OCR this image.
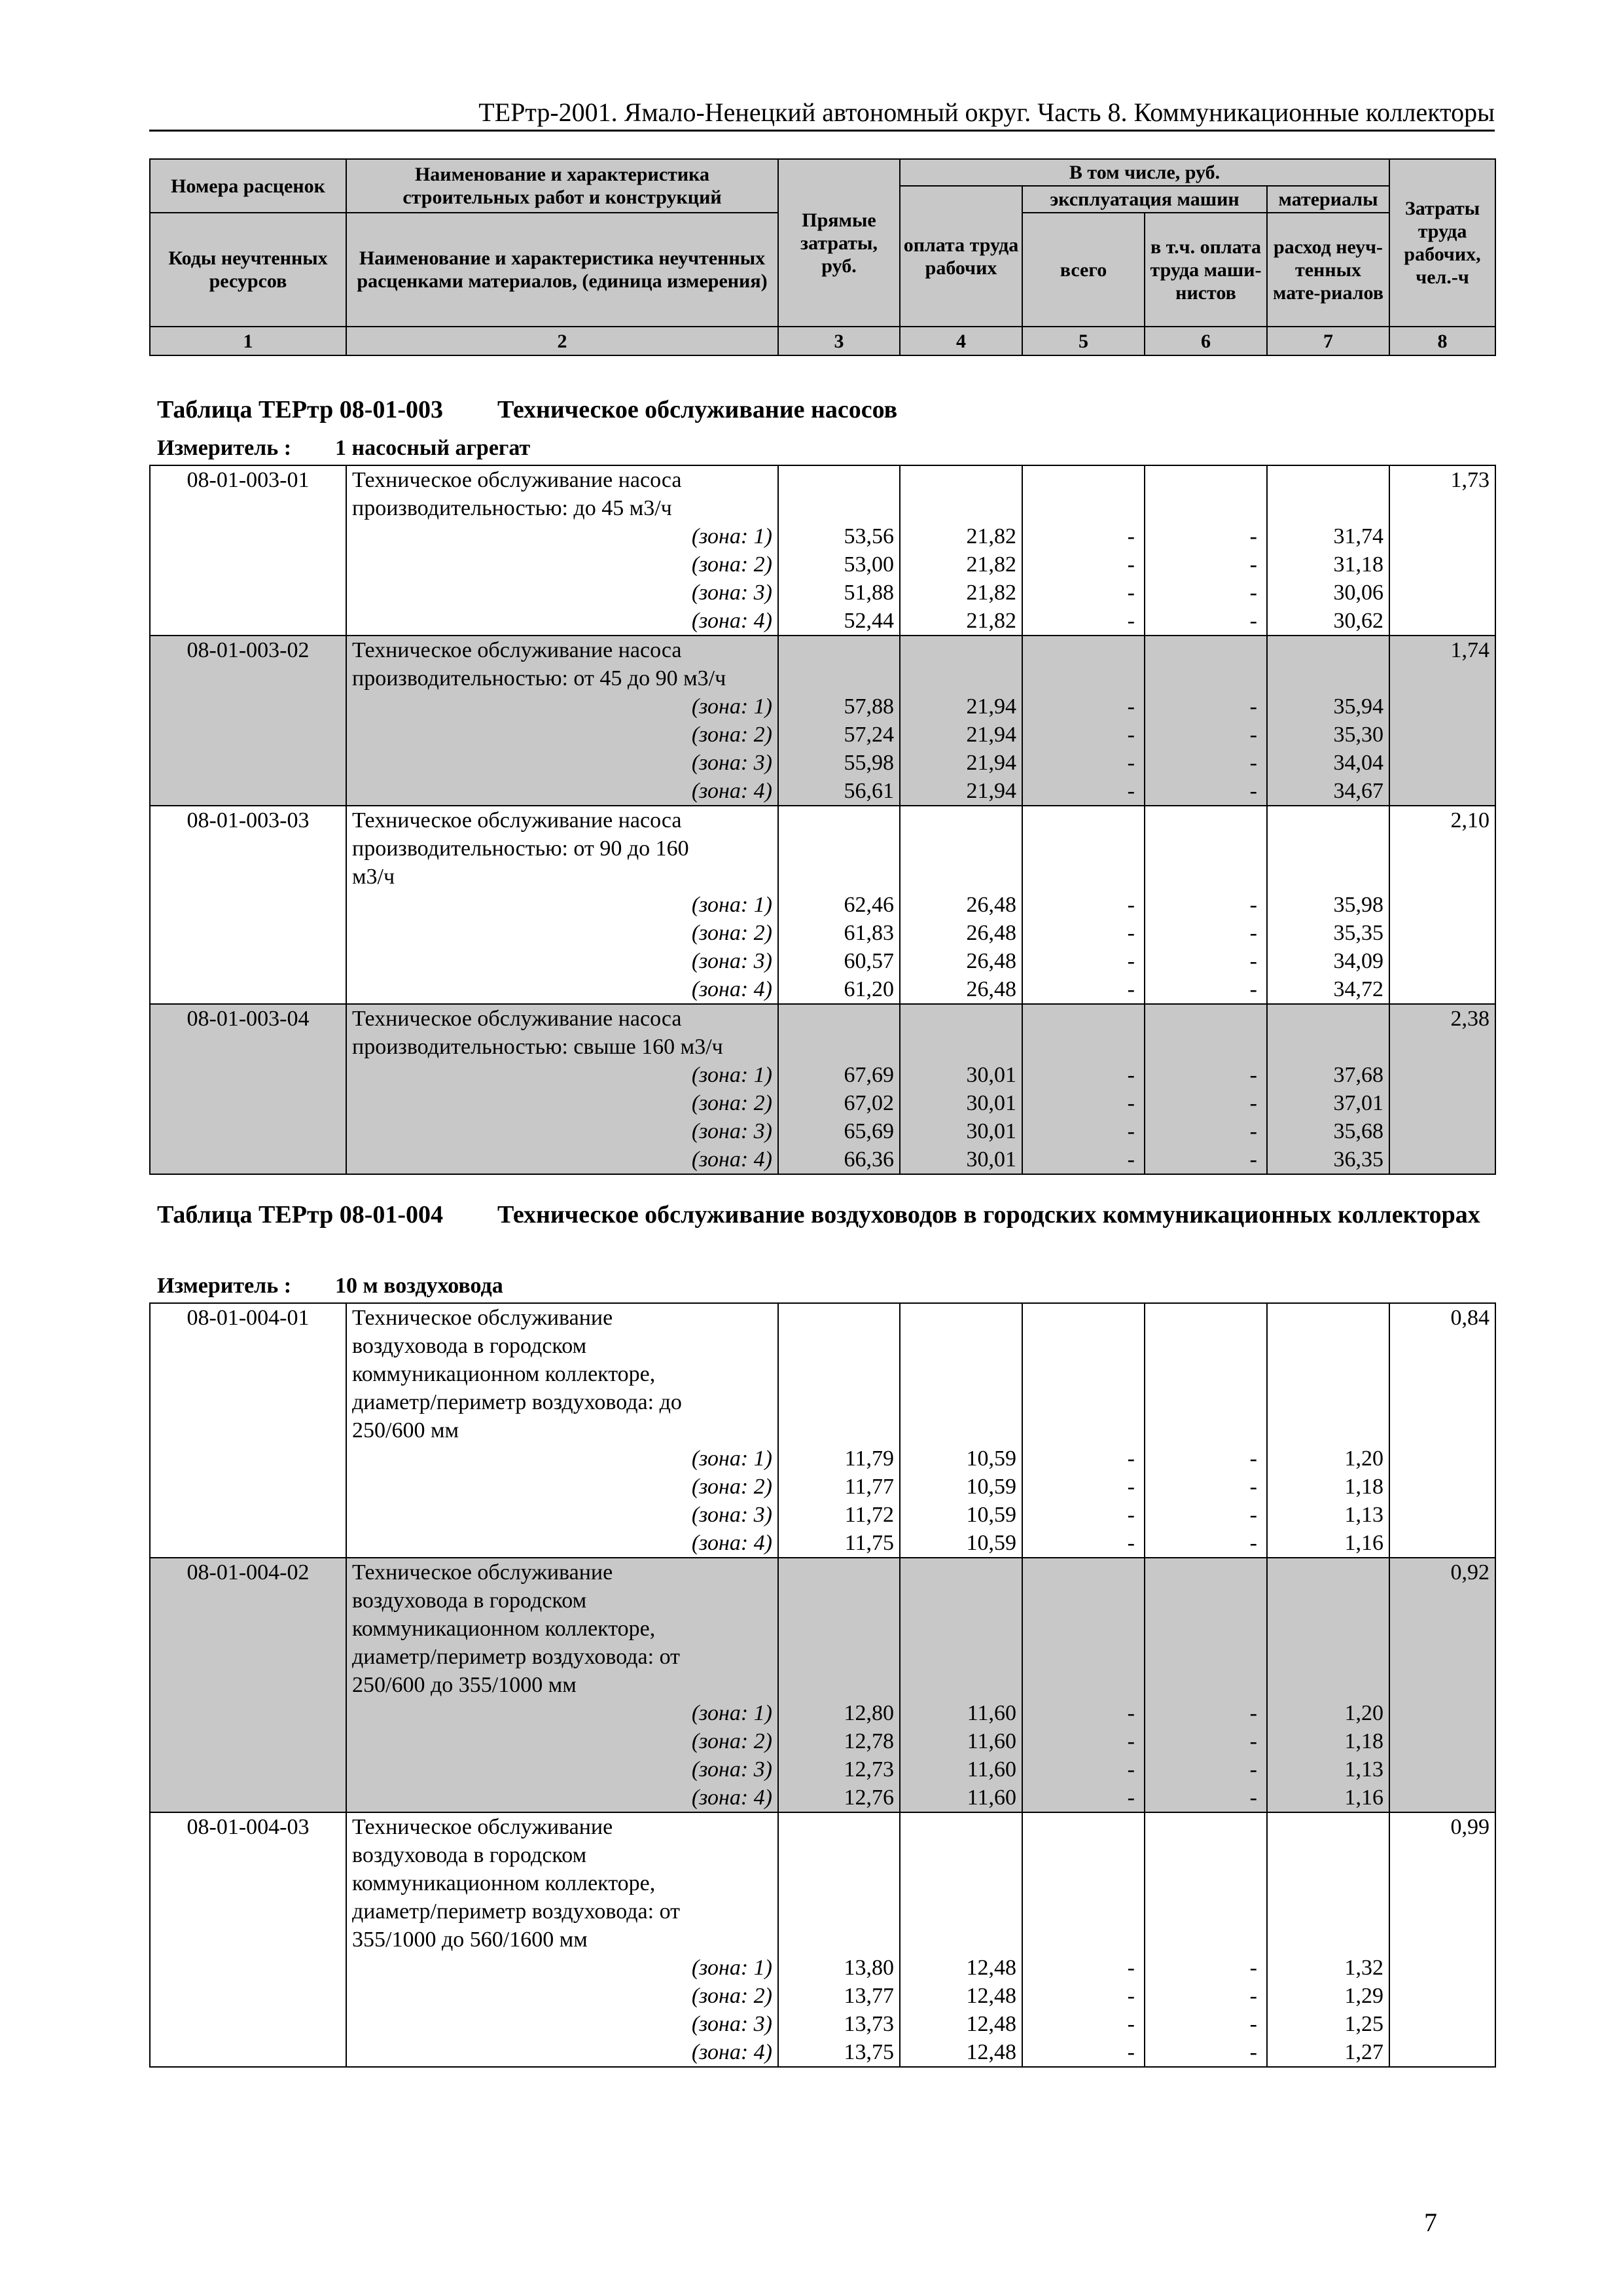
ТЕРтр-2001. Ямало-Ненецкий автономный округ. Часть 8. Коммуникационные коллекторы
Номера расценок	Наименование и характеристика строительных работ и конструкций	Прямые затраты, руб.	В том числе, руб.				Затраты труда рабочих, чел.-ч
			оплата труда рабочих	эксплуатация машин		материалы	
Коды неучтенных ресурсов	Наименование и характеристика неучтенных расценками материалов, (единица измерения)			всего	в т.ч. оплата труда маши-нистов	расход неуч-тенных мате-риалов	

1	2	3	4	5	6	7	8
Таблица ТЕРтр 08-01-003 Техническое обслуживание насосов
Измеритель : 1 насосный агрегат
08-01-003-01	Техническое обслуживание насоса						1,73
	производительностью: до 45 м3/ч						
	(зона: 1)	53,56	21,82	-	-	31,74	
	(зона: 2)	53,00	21,82	-	-	31,18	
	(зона: 3)	51,88	21,82	-	-	30,06	
	(зона: 4)	52,44	21,82	-	-	30,62	
08-01-003-02	Техническое обслуживание насоса						1,74
	производительностью: от 45 до 90 м3/ч						
	(зона: 1)	57,88	21,94	-	-	35,94	
	(зона: 2)	57,24	21,94	-	-	35,30	
	(зона: 3)	55,98	21,94	-	-	34,04	
	(зона: 4)	56,61	21,94	-	-	34,67	
08-01-003-03	Техническое обслуживание насоса						2,10
	производительностью: от 90 до 160						
	м3/ч						
	(зона: 1)	62,46	26,48	-	-	35,98	
	(зона: 2)	61,83	26,48	-	-	35,35	
	(зона: 3)	60,57	26,48	-	-	34,09	
	(зона: 4)	61,20	26,48	-	-	34,72	
08-01-003-04	Техническое обслуживание насоса						2,38
	производительностью: свыше 160 м3/ч						
	(зона: 1)	67,69	30,01	-	-	37,68	
	(зона: 2)	67,02	30,01	-	-	37,01	
	(зона: 3)	65,69	30,01	-	-	35,68	
	(зона: 4)	66,36	30,01	-	-	36,35	
Таблица ТЕРтр 08-01-004 Техническое обслуживание воздуховодов в городских коммуникационных коллекторах
Измеритель : 10 м воздуховода
08-01-004-01	Техническое обслуживание						0,84
	воздуховода в городском						
	коммуникационном коллекторе,						
	диаметр/периметр воздуховода: до						
	250/600 мм						
	(зона: 1)	11,79	10,59	-	-	1,20	
	(зона: 2)	11,77	10,59	-	-	1,18	
	(зона: 3)	11,72	10,59	-	-	1,13	
	(зона: 4)	11,75	10,59	-	-	1,16	
08-01-004-02	Техническое обслуживание						0,92
	воздуховода в городском						
	коммуникационном коллекторе,						
	диаметр/периметр воздуховода: от						
	250/600 до 355/1000 мм						
	(зона: 1)	12,80	11,60	-	-	1,20	
	(зона: 2)	12,78	11,60	-	-	1,18	
	(зона: 3)	12,73	11,60	-	-	1,13	
	(зона: 4)	12,76	11,60	-	-	1,16	
08-01-004-03	Техническое обслуживание						0,99
	воздуховода в городском						
	коммуникационном коллекторе,						
	диаметр/периметр воздуховода: от						
	355/1000 до 560/1600 мм						
	(зона: 1)	13,80	12,48	-	-	1,32	
	(зона: 2)	13,77	12,48	-	-	1,29	
	(зона: 3)	13,73	12,48	-	-	1,25	
	(зона: 4)	13,75	12,48	-	-	1,27	
7
